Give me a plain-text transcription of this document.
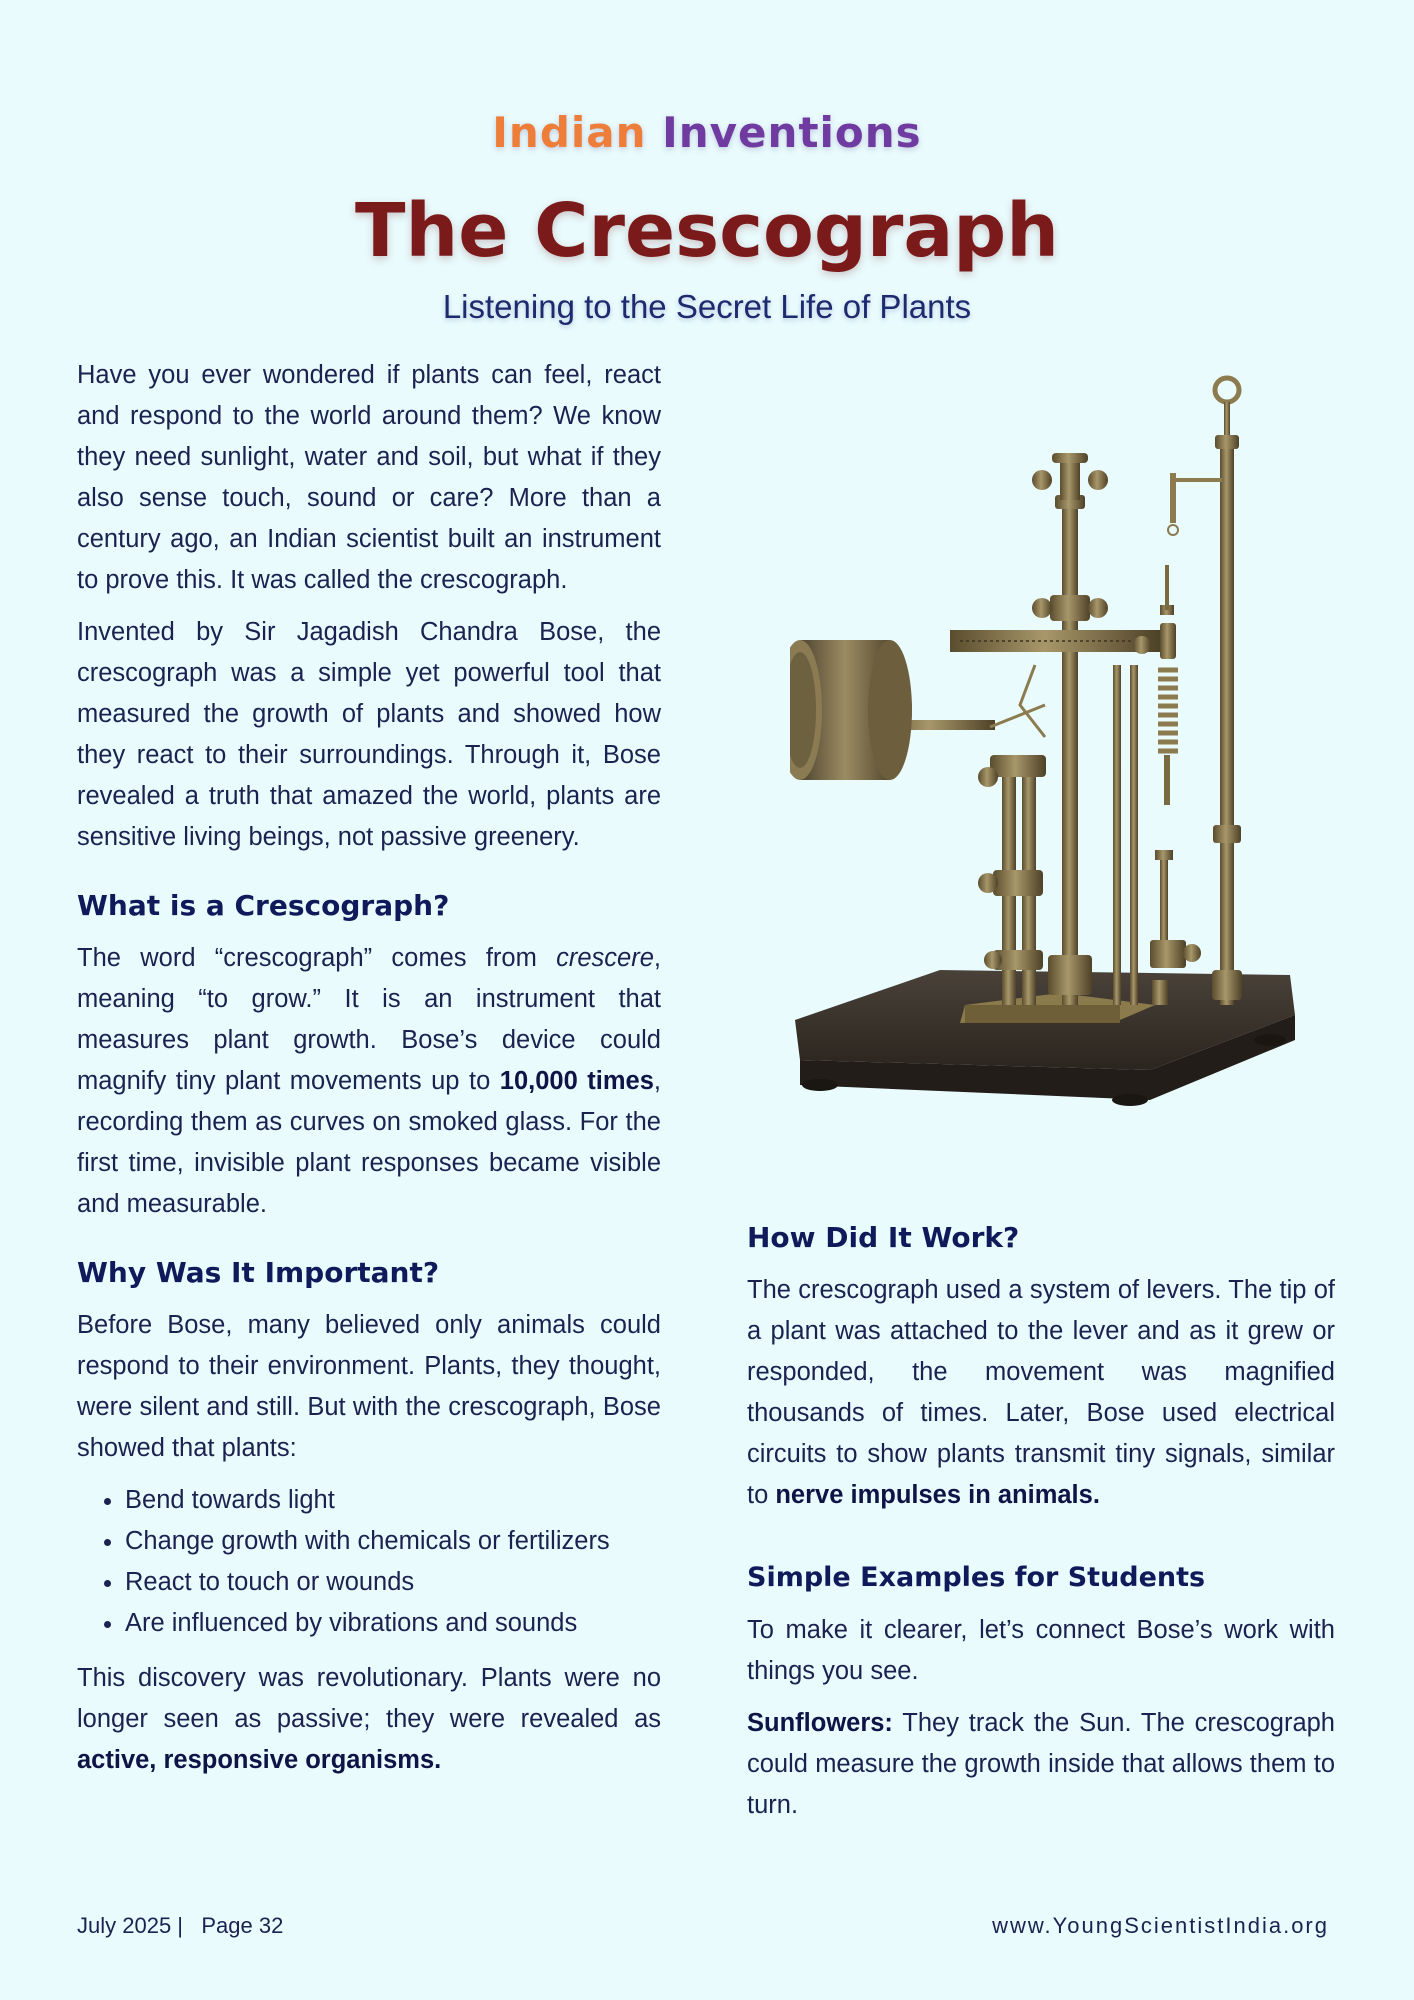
Indian Inventions
The Crescograph
Listening to the Secret Life of Plants

Have you ever wondered if plants can feel, react and respond to the world around them? We know they need sunlight, water and soil, but what if they also sense touch, sound or care? More than a century ago, an Indian scientist built an instrument to prove this. It was called the crescograph.

Invented by Sir Jagadish Chandra Bose, the crescograph was a simple yet powerful tool that measured the growth of plants and showed how they react to their surroundings. Through it, Bose revealed a truth that amazed the world, plants are sensitive living beings, not passive greenery.

What is a Crescograph?

The word “crescograph” comes from crescere, meaning “to grow.” It is an instrument that measures plant growth. Bose’s device could magnify tiny plant movements up to 10,000 times, recording them as curves on smoked glass. For the first time, invisible plant responses became visible and measurable.

Why Was It Important?

Before Bose, many believed only animals could respond to their environment. Plants, they thought, were silent and still. But with the crescograph, Bose showed that plants:

• Bend towards light
• Change growth with chemicals or fertilizers
• React to touch or wounds
• Are influenced by vibrations and sounds

This discovery was revolutionary. Plants were no longer seen as passive; they were revealed as active, responsive organisms.

How Did It Work?

The crescograph used a system of levers. The tip of a plant was attached to the lever and as it grew or responded, the movement was magnified thousands of times. Later, Bose used electrical circuits to show plants transmit tiny signals, similar to nerve impulses in animals.

Simple Examples for Students

To make it clearer, let’s connect Bose’s work with things you see.

Sunflowers: They track the Sun. The crescograph could measure the growth inside that allows them to turn.

July 2025 | Page 32	www.YoungScientistIndia.org
